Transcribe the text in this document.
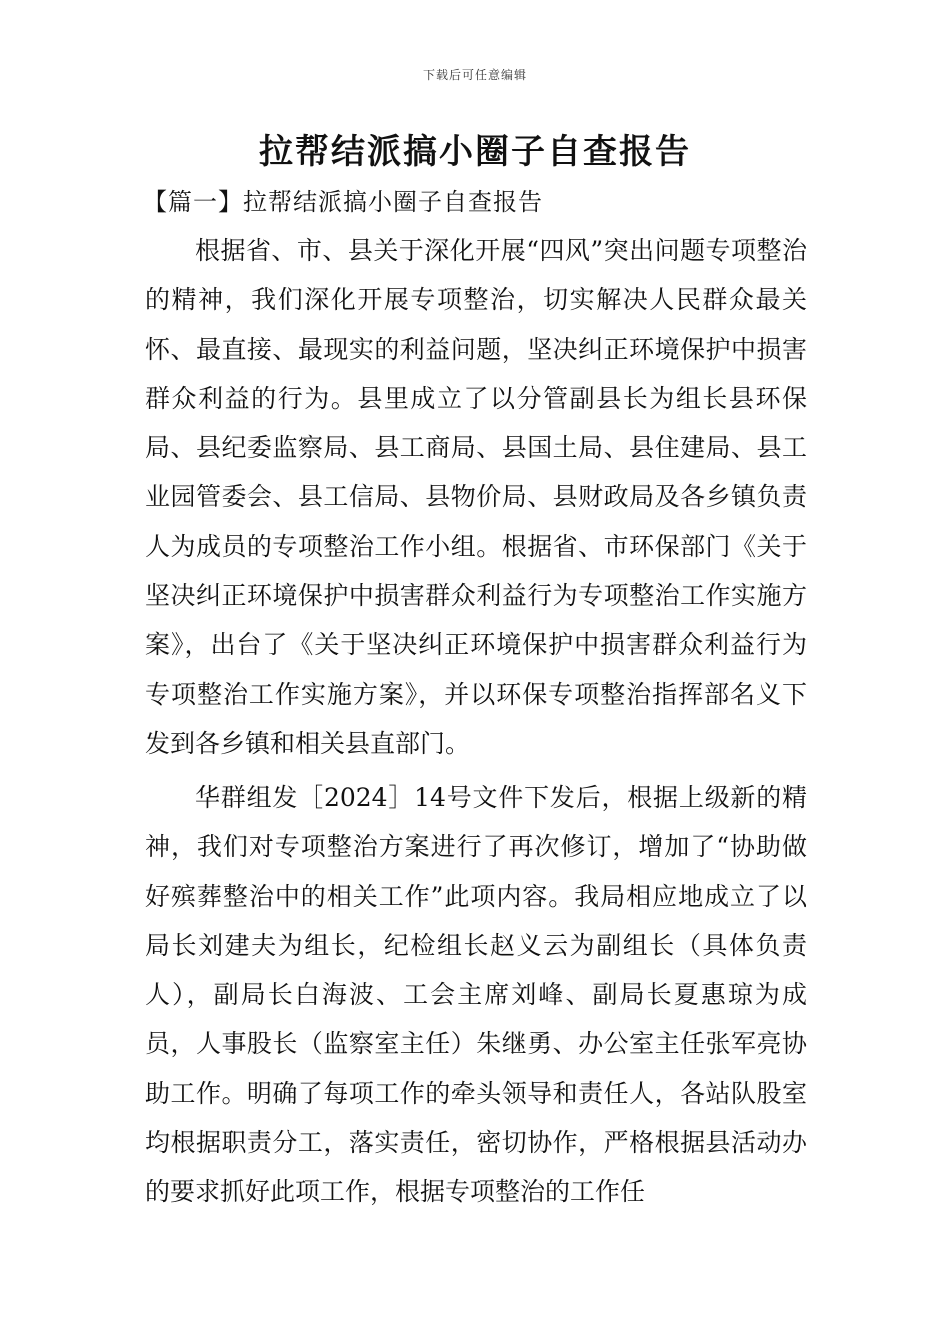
下载后可任意编辑
拉帮结派搞小圈子自查报告
【篇一】拉帮结派搞小圈子自查报告

根据省、市、县关于深化开展“四风”突出问题专项整治的精神，我们深化开展专项整治，切实解决人民群众最关怀、最直接、最现实的利益问题，坚决纠正环境保护中损害群众利益的行为。县里成立了以分管副县长为组长县环保局、县纪委监察局、县工商局、县国土局、县住建局、县工业园管委会、县工信局、县物价局、县财政局及各乡镇负责人为成员的专项整治工作小组。根据省、市环保部门《关于坚决纠正环境保护中损害群众利益行为专项整治工作实施方案》，出台了《关于坚决纠正环境保护中损害群众利益行为专项整治工作实施方案》，并以环保专项整治指挥部名义下发到各乡镇和相关县直部门。

华群组发［2024］14号文件下发后，根据上级新的精神，我们对专项整治方案进行了再次修订，增加了“协助做好殡葬整治中的相关工作”此项内容。我局相应地成立了以局长刘建夫为组长，纪检组长赵义云为副组长（具体负责人），副局长白海波、工会主席刘峰、副局长夏惠琼为成员，人事股长（监察室主任）朱继勇、办公室主任张军亮协助工作。明确了每项工作的牵头领导和责任人，各站队股室均根据职责分工，落实责任，密切协作，严格根据县活动办的要求抓好此项工作，根据专项整治的工作任
